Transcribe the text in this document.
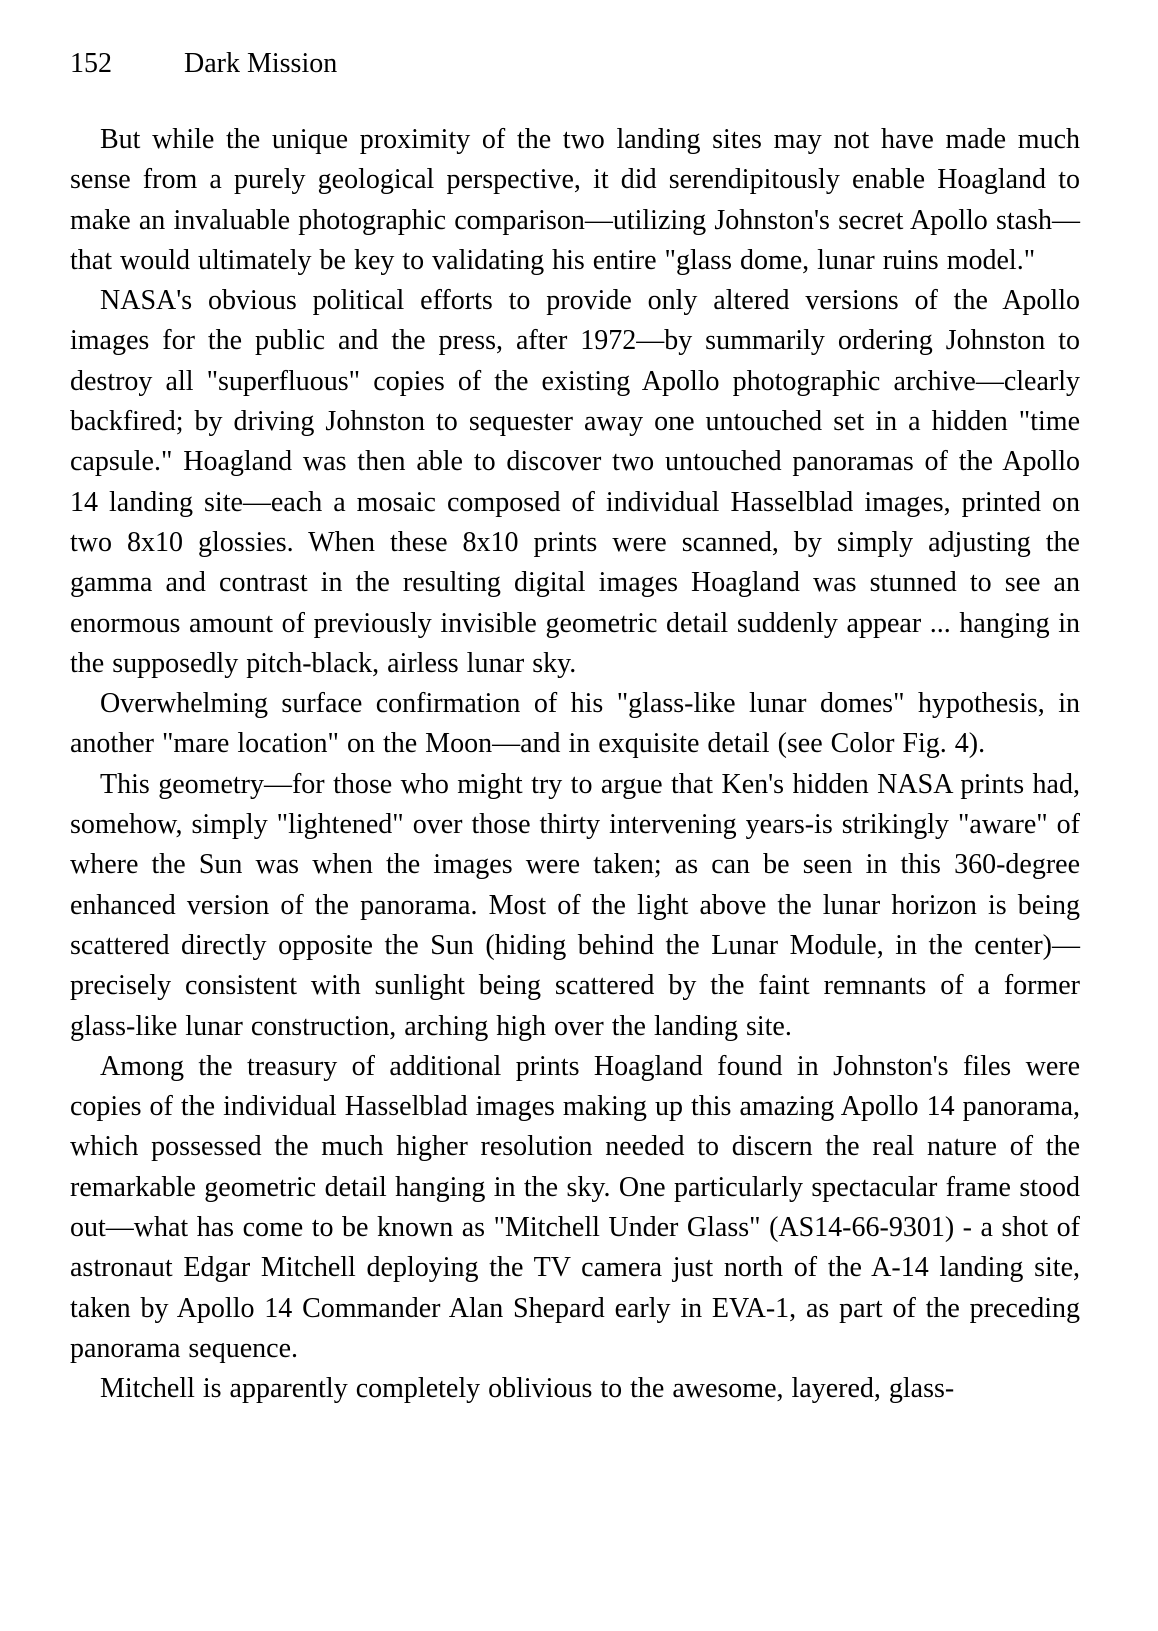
152	Dark Mission

But while the unique proximity of the two landing sites may not have made much sense from a purely geological perspective, it did serendipitously enable Hoagland to make an invaluable photographic comparison—utilizing Johnston's secret Apollo stash—that would ultimately be key to validating his entire "glass dome, lunar ruins model."

NASA's obvious political efforts to provide only altered versions of the Apollo images for the public and the press, after 1972—by summarily ordering Johnston to destroy all "superfluous" copies of the existing Apollo photographic archive—clearly backfired; by driving Johnston to sequester away one untouched set in a hidden "time capsule." Hoagland was then able to discover two untouched panoramas of the Apollo 14 landing site—each a mosaic composed of individual Hasselblad images, printed on two 8x10 glossies. When these 8x10 prints were scanned, by simply adjusting the gamma and contrast in the resulting digital images Hoagland was stunned to see an enormous amount of previously invisible geometric detail suddenly appear ... hanging in the supposedly pitch-black, airless lunar sky.

Overwhelming surface confirmation of his "glass-like lunar domes" hypothesis, in another "mare location" on the Moon—and in exquisite detail (see Color Fig. 4).

This geometry—for those who might try to argue that Ken's hidden NASA prints had, somehow, simply "lightened" over those thirty intervening years-is strikingly "aware" of where the Sun was when the images were taken; as can be seen in this 360-degree enhanced version of the panorama. Most of the light above the lunar horizon is being scattered directly opposite the Sun (hiding behind the Lunar Module, in the center)—precisely consistent with sunlight being scattered by the faint remnants of a former glass-like lunar construction, arching high over the landing site.

Among the treasury of additional prints Hoagland found in Johnston's files were copies of the individual Hasselblad images making up this amazing Apollo 14 panorama, which possessed the much higher resolution needed to discern the real nature of the remarkable geometric detail hanging in the sky. One particularly spectacular frame stood out—what has come to be known as "Mitchell Under Glass" (AS14-66-9301) - a shot of astronaut Edgar Mitchell deploying the TV camera just north of the A-14 landing site, taken by Apollo 14 Commander Alan Shepard early in EVA-1, as part of the preceding panorama sequence.

Mitchell is apparently completely oblivious to the awesome, layered, glass-
